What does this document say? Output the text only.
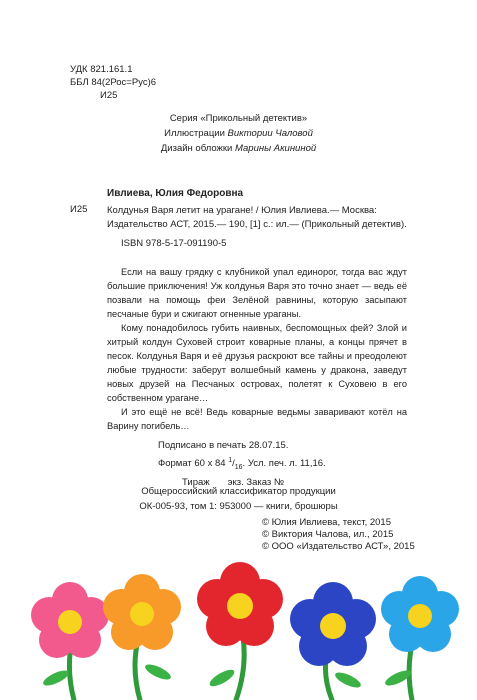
УДК 821.161.1
ББЛ 84(2Рос=Рус)6
И25
Серия «Прикольный детектив»
Иллюстрации Виктории Чаловой
Дизайн обложки Марины Акининой
Ивлиева, Юлия Федоровна
И25 Колдунья Варя летит на урагане! / Юлия Ивлиева.— Москва: Издательство АСТ, 2015.— 190, [1] с.: ил.— (Прикольный детектив).
ISBN 978-5-17-091190-5

Если на вашу грядку с клубникой упал единорог, тогда вас ждут большие приключения! Уж колдунья Варя это точно знает — ведь её позвали на помощь феи Зелёной равнины, которую засыпают песчаные бури и сжигают огненные ураганы.

Кому понадобилось губить наивных, беспомощных фей? Злой и хитрый колдун Суховей строит коварные планы, а концы прячет в песок. Колдунья Варя и её друзья раскроют все тайны и преодолеют любые трудности: заберут волшебный камень у дракона, заведут новых друзей на Песчаных островах, полетят к Суховею в его собственном урагане…

И это ещё не всё! Ведь коварные ведьмы заваривают котёл на Варину погибель…

Подписано в печать 28.07.15.
Формат 60 х 84 $^1/_{16}$. Усл. печ. л. 11,16.
Тираж экз. Заказ №
Общероссийский классификатор продукции
ОК-005-93, том 1: 953000 — книги, брошюры
© Юлия Ивлиева, текст, 2015
© Виктория Чалова, ил., 2015
© ООО «Издательство АСТ», 2015
